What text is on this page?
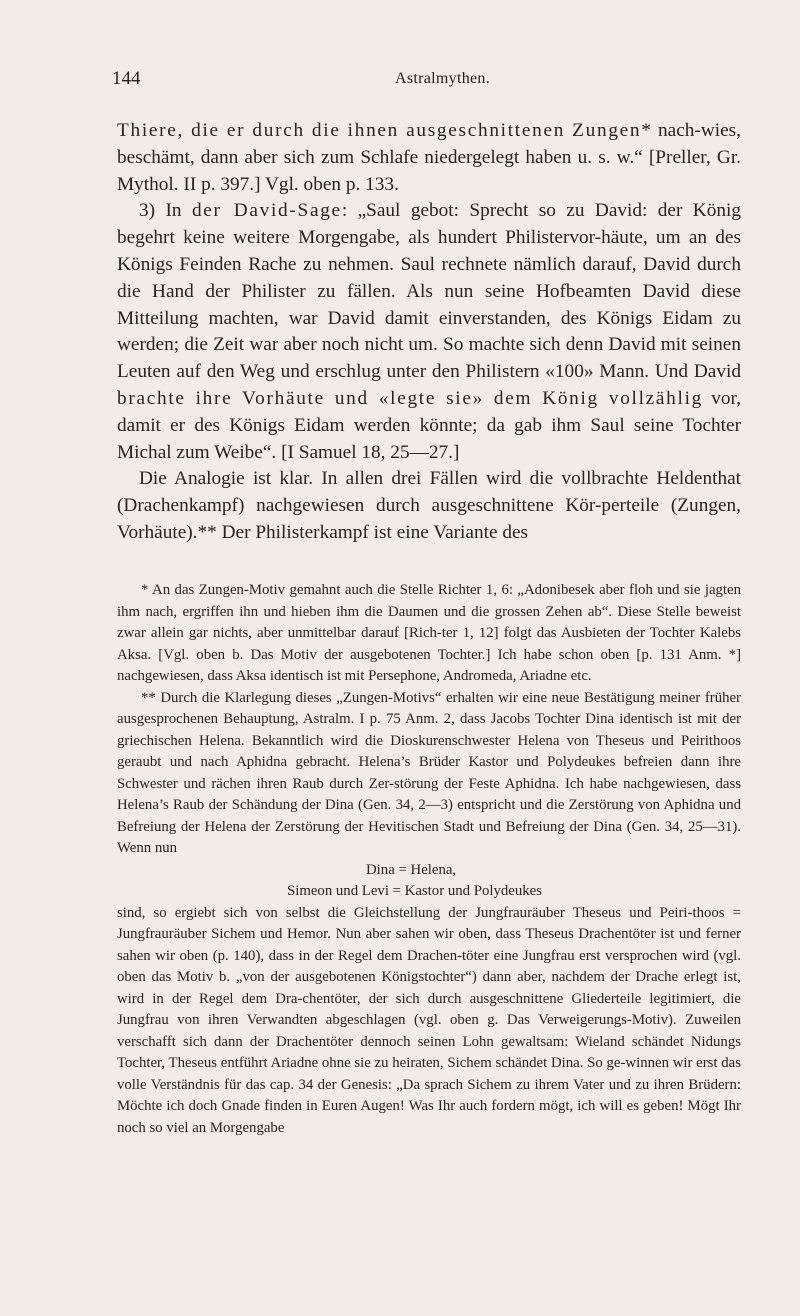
144	Astralmythen.

Thiere, die er durch die ihnen ausgeschnittenen Zungen* nach-wies, beschämt, dann aber sich zum Schlafe niedergelegt haben u. s. w.“ [Preller, Gr. Mythol. II p. 397.] Vgl. oben p. 133.

3) In der David-Sage: „Saul gebot: Sprecht so zu David: der König begehrt keine weitere Morgengabe, als hundert Philistervor-häute, um an des Königs Feinden Rache zu nehmen. Saul rechnete nämlich darauf, David durch die Hand der Philister zu fällen. Als nun seine Hofbeamten David diese Mitteilung machten, war David damit einverstanden, des Königs Eidam zu werden; die Zeit war aber noch nicht um. So machte sich denn David mit seinen Leuten auf den Weg und erschlug unter den Philistern «100» Mann. Und David brachte ihre Vorhäute und «legte sie» dem König vollzählig vor, damit er des Königs Eidam werden könnte; da gab ihm Saul seine Tochter Michal zum Weibe“. [I Samuel 18, 25—27.]

Die Analogie ist klar. In allen drei Fällen wird die vollbrachte Heldenthat (Drachenkampf) nachgewiesen durch ausgeschnittene Kör-perteile (Zungen, Vorhäute).** Der Philisterkampf ist eine Variante des

* An das Zungen-Motiv gemahnt auch die Stelle Richter 1, 6: „Adonibesek aber floh und sie jagten ihm nach, ergriffen ihn und hieben ihm die Daumen und die grossen Zehen ab“. Diese Stelle beweist zwar allein gar nichts, aber unmittelbar darauf [Rich-ter 1, 12] folgt das Ausbieten der Tochter Kalebs Aksa. [Vgl. oben b. Das Motiv der ausgebotenen Tochter.] Ich habe schon oben [p. 131 Anm. *] nachgewiesen, dass Aksa identisch ist mit Persephone, Andromeda, Ariadne etc.

** Durch die Klarlegung dieses „Zungen-Motivs“ erhalten wir eine neue Bestätigung meiner früher ausgesprochenen Behauptung, Astralm. I p. 75 Anm. 2, dass Jacobs Tochter Dina identisch ist mit der griechischen Helena. Bekanntlich wird die Dioskurenschwester Helena von Theseus und Peirithoos geraubt und nach Aphidna gebracht. Helena’s Brüder Kastor und Polydeukes befreien dann ihre Schwester und rächen ihren Raub durch Zer-störung der Feste Aphidna. Ich habe nachgewiesen, dass Helena’s Raub der Schändung der Dina (Gen. 34, 2—3) entspricht und die Zerstörung von Aphidna und Befreiung der Helena der Zerstörung der Hevitischen Stadt und Befreiung der Dina (Gen. 34, 25—31). Wenn nun

Dina = Helena,

Simeon und Levi = Kastor und Polydeukes

sind, so ergiebt sich von selbst die Gleichstellung der Jungfrauräuber Theseus und Peiri-thoos = Jungfrauräuber Sichem und Hemor. Nun aber sahen wir oben, dass Theseus Drachentöter ist und ferner sahen wir oben (p. 140), dass in der Regel dem Drachen-töter eine Jungfrau erst versprochen wird (vgl. oben das Motiv b. „von der ausgebotenen Königstochter“) dann aber, nachdem der Drache erlegt ist, wird in der Regel dem Dra-chentöter, der sich durch ausgeschnittene Gliederteile legitimiert, die Jungfrau von ihren Verwandten abgeschlagen (vgl. oben g. Das Verweigerungs-Motiv). Zuweilen verschafft sich dann der Drachentöter dennoch seinen Lohn gewaltsam: Wieland schändet Nidungs Tochter, Theseus entführt Ariadne ohne sie zu heiraten, Sichem schändet Dina. So ge-winnen wir erst das volle Verständnis für das cap. 34 der Genesis: „Da sprach Sichem zu ihrem Vater und zu ihren Brüdern: Möchte ich doch Gnade finden in Euren Augen! Was Ihr auch fordern mögt, ich will es geben! Mögt Ihr noch so viel an Morgengabe
